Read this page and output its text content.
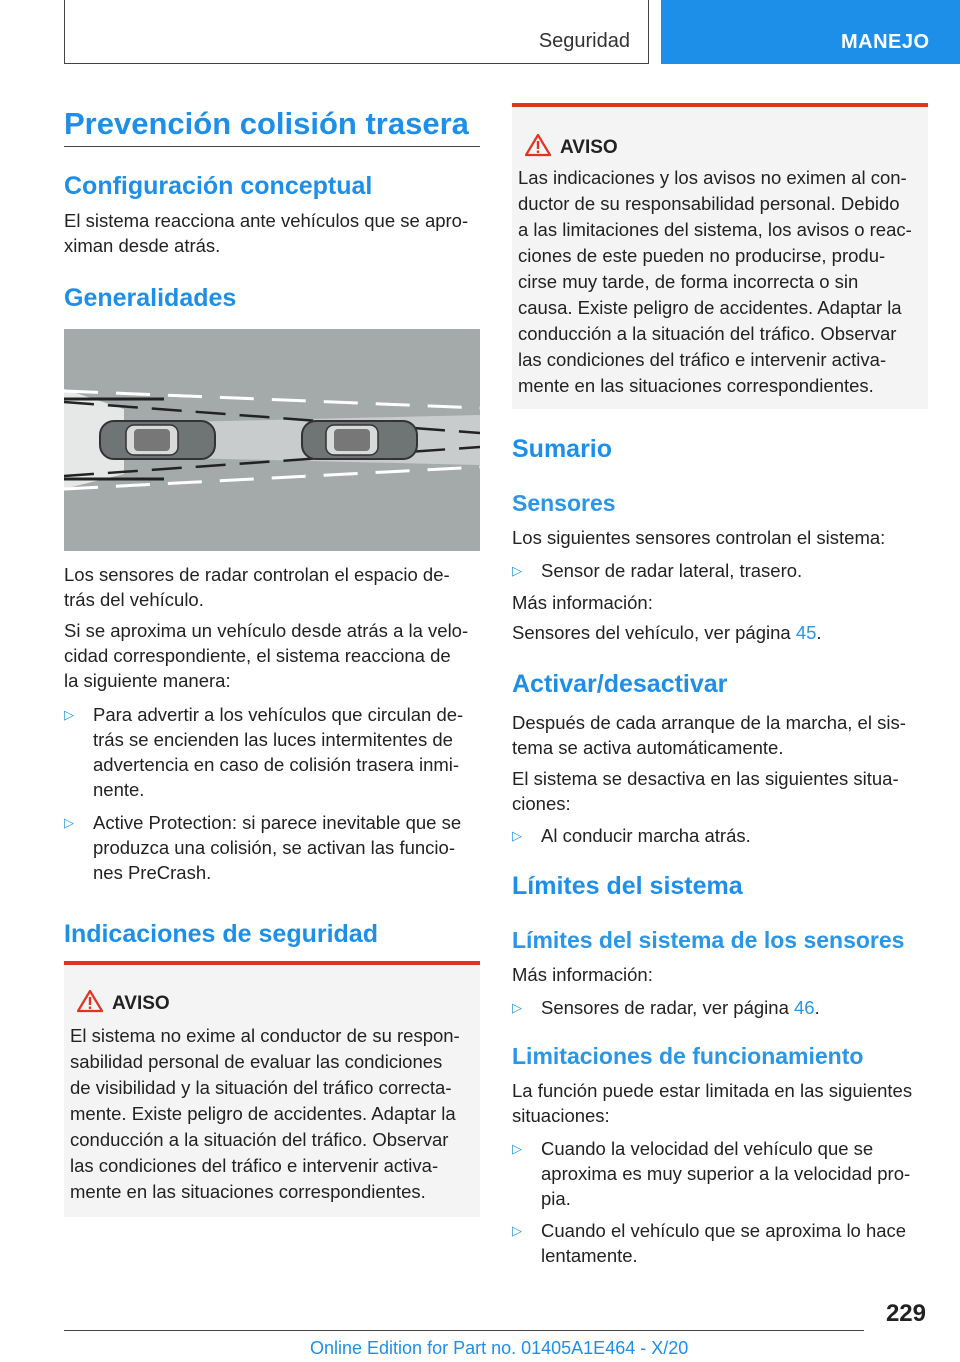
Seguridad	MANEJO
Prevención colisión trasera
Configuración conceptual
El sistema reacciona ante vehículos que se apro-
ximan desde atrás.
Generalidades
Los sensores de radar controlan el espacio de-
trás del vehículo.
Si se aproxima un vehículo desde atrás a la velo-
cidad correspondiente, el sistema reacciona de
la siguiente manera:
▷ Para advertir a los vehículos que circulan de-
trás se encienden las luces intermitentes de
advertencia en caso de colisión trasera inmi-
nente.
▷ Active Protection: si parece inevitable que se
produzca una colisión, se activan las funcio-
nes PreCrash.
Indicaciones de seguridad
AVISO
El sistema no exime al conductor de su respon-
sabilidad personal de evaluar las condiciones
de visibilidad y la situación del tráfico correcta-
mente. Existe peligro de accidentes. Adaptar la
conducción a la situación del tráfico. Observar
las condiciones del tráfico e intervenir activa-
mente en las situaciones correspondientes.
AVISO
Las indicaciones y los avisos no eximen al con-
ductor de su responsabilidad personal. Debido
a las limitaciones del sistema, los avisos o reac-
ciones de este pueden no producirse, produ-
cirse muy tarde, de forma incorrecta o sin
causa. Existe peligro de accidentes. Adaptar la
conducción a la situación del tráfico. Observar
las condiciones del tráfico e intervenir activa-
mente en las situaciones correspondientes.
Sumario
Sensores
Los siguientes sensores controlan el sistema:
▷ Sensor de radar lateral, trasero.
Más información:
Sensores del vehículo, ver página 45.
Activar/desactivar
Después de cada arranque de la marcha, el sis-
tema se activa automáticamente.
El sistema se desactiva en las siguientes situa-
ciones:
▷ Al conducir marcha atrás.
Límites del sistema
Límites del sistema de los sensores
Más información:
▷ Sensores de radar, ver página 46.
Limitaciones de funcionamiento
La función puede estar limitada en las siguientes
situaciones:
▷ Cuando la velocidad del vehículo que se
aproxima es muy superior a la velocidad pro-
pia.
▷ Cuando el vehículo que se aproxima lo hace
lentamente.
229
Online Edition for Part no. 01405A1E464 - X/20
